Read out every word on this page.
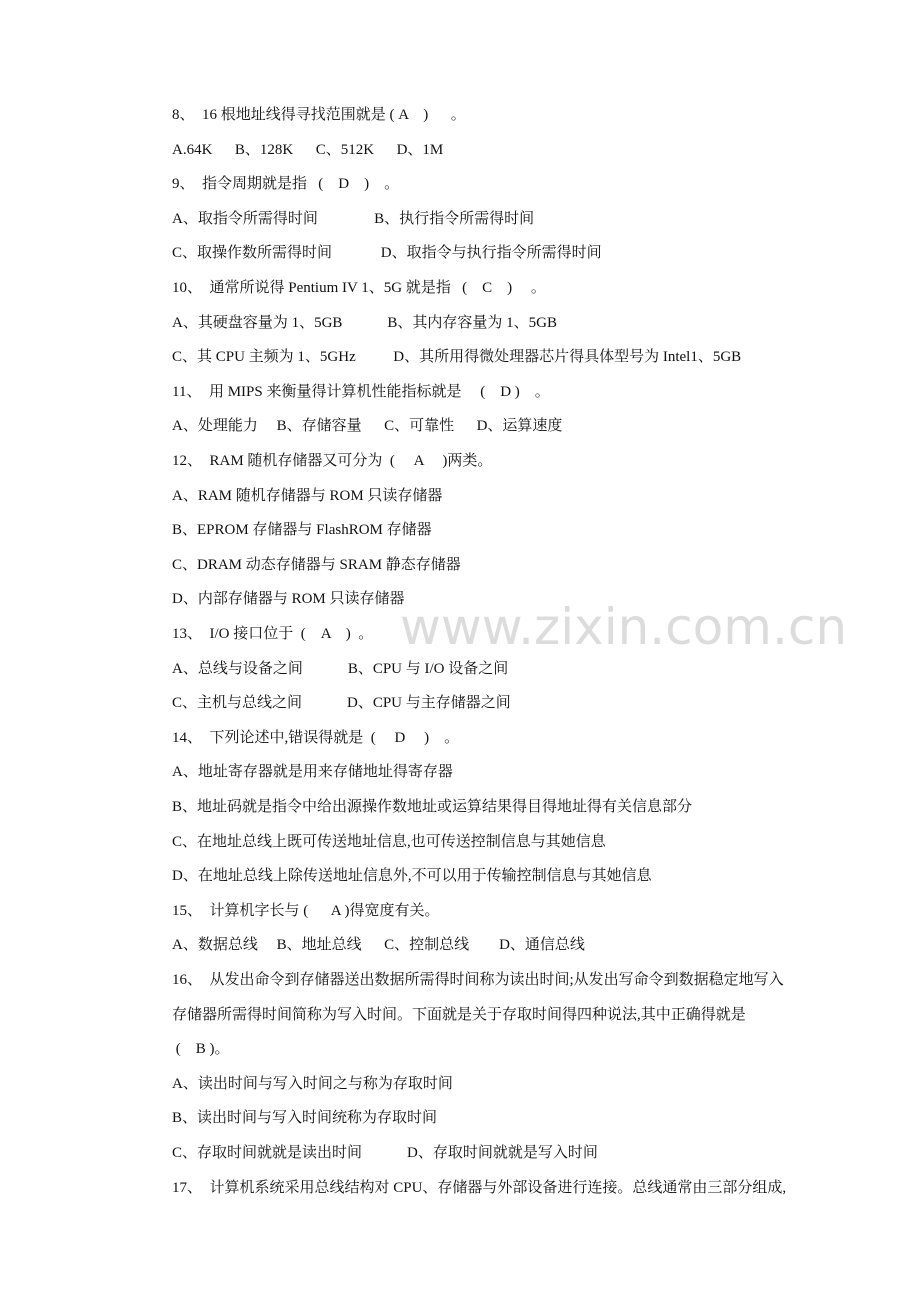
www.zixin.com.cn
8、  16 根地址线得寻找范围就是 ( A    )      。
A.64K      B、128K      C、512K      D、1M
9、  指令周期就是指   (    D    )    。
A、取指令所需得时间               B、执行指令所需得时间
C、取操作数所需得时间             D、取指令与执行指令所需得时间
10、  通常所说得 Pentium IV 1、5G 就是指   (    C    )     。
A、其硬盘容量为 1、5GB            B、其内存容量为 1、5GB
C、其 CPU 主频为 1、5GHz          D、其所用得微处理器芯片得具体型号为 Intel1、5GB
11、  用 MIPS 来衡量得计算机性能指标就是     (    D )    。
A、处理能力     B、存储容量      C、可靠性      D、运算速度
12、  RAM 随机存储器又可分为  (     A     )两类。
A、RAM 随机存储器与 ROM 只读存储器
B、EPROM 存储器与 FlashROM 存储器
C、DRAM 动态存储器与 SRAM 静态存储器
D、内部存储器与 ROM 只读存储器
13、  I/O 接口位于  (    A    )  。
A、总线与设备之间            B、CPU 与 I/O 设备之间
C、主机与总线之间            D、CPU 与主存储器之间
14、  下列论述中,错误得就是  (     D     )    。
A、地址寄存器就是用来存储地址得寄存器
B、地址码就是指令中给出源操作数地址或运算结果得目得地址得有关信息部分
C、在地址总线上既可传送地址信息,也可传送控制信息与其她信息
D、在地址总线上除传送地址信息外,不可以用于传输控制信息与其她信息
15、  计算机字长与 (      A )得宽度有关。
A、数据总线     B、地址总线      C、控制总线        D、通信总线
16、  从发出命令到存储器送出数据所需得时间称为读出时间;从发出写命令到数据稳定地写入
存储器所需得时间简称为写入时间。下面就是关于存取时间得四种说法,其中正确得就是
(    B )。
A、读出时间与写入时间之与称为存取时间
B、读出时间与写入时间统称为存取时间
C、存取时间就就是读出时间            D、存取时间就就是写入时间
17、  计算机系统采用总线结构对 CPU、存储器与外部设备进行连接。总线通常由三部分组成,
